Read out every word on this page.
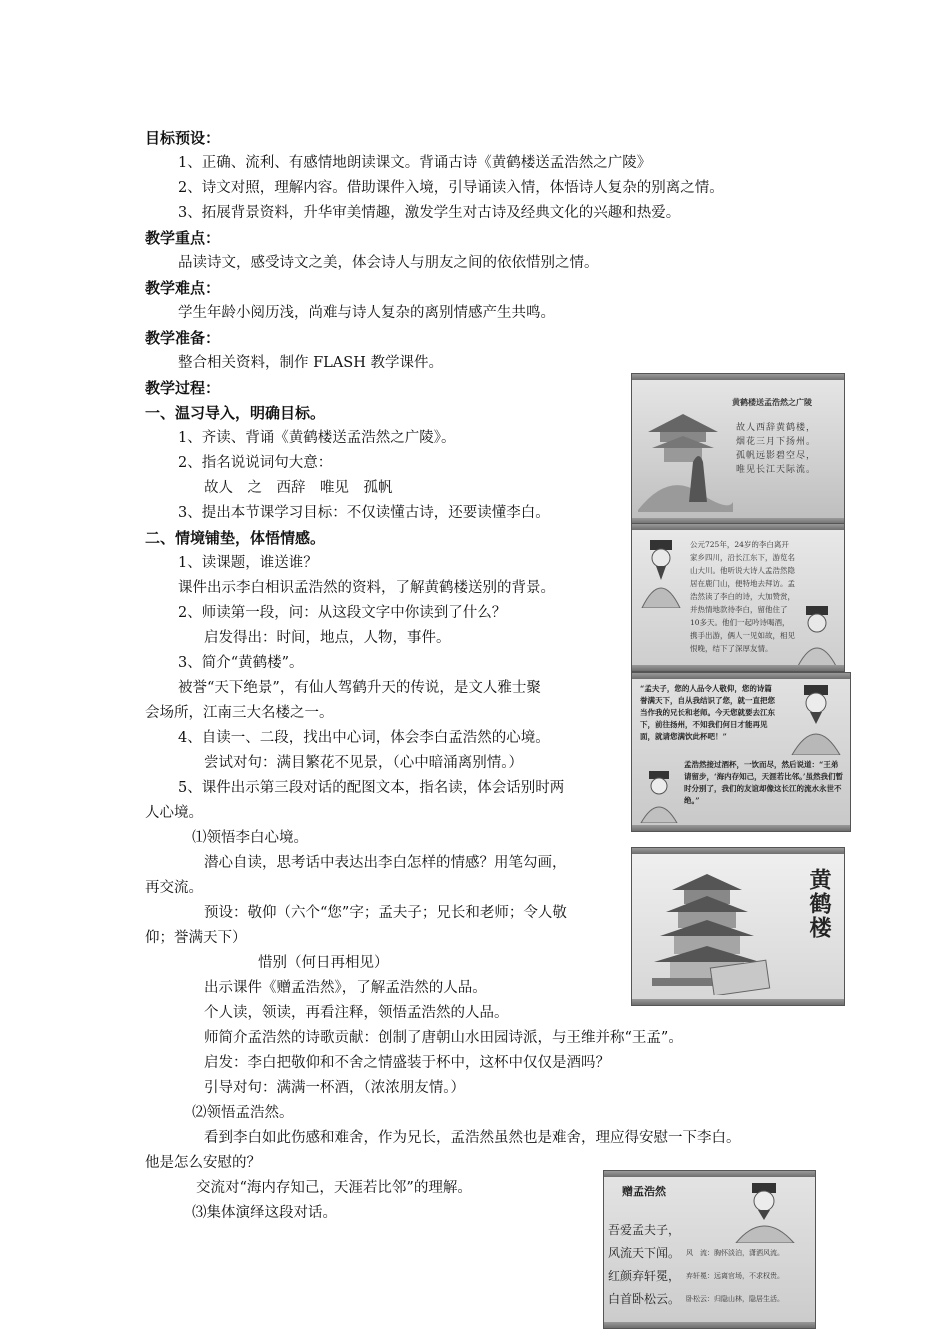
目标预设：
1、正确、流利、有感情地朗读课文。背诵古诗《黄鹤楼送孟浩然之广陵》
2、诗文对照，理解内容。借助课件入境，引导诵读入情，体悟诗人复杂的别离之情。
3、拓展背景资料，升华审美情趣，激发学生对古诗及经典文化的兴趣和热爱。
教学重点：
品读诗文，感受诗文之美，体会诗人与朋友之间的依依惜别之情。
教学难点：
学生年龄小阅历浅，尚难与诗人复杂的离别情感产生共鸣。
教学准备：
整合相关资料，制作 FLASH 教学课件。
教学过程：
一、温习导入，明确目标。
1、齐读、背诵《黄鹤楼送孟浩然之广陵》。
2、指名说说词句大意：
故人　之　西辞　唯见　孤帆
3、提出本节课学习目标：不仅读懂古诗，还要读懂李白。
二、情境铺垫，体悟情感。
1、读课题，谁送谁？
课件出示李白相识孟浩然的资料，了解黄鹤楼送别的背景。
2、师读第一段，问：从这段文字中你读到了什么？
启发得出：时间，地点，人物，事件。
3、简介“黄鹤楼”。
被誉“天下绝景”，有仙人驾鹤升天的传说，是文人雅士聚
会场所，江南三大名楼之一。
4、自读一、二段，找出中心词，体会李白孟浩然的心境。
尝试对句：满目繁花不见景，（心中暗涌离别情。）
5、课件出示第三段对话的配图文本，指名读，体会话别时两
人心境。
⑴领悟李白心境。
潜心自读，思考话中表达出李白怎样的情感？用笔勾画，
再交流。
预设：敬仰（六个“您”字；孟夫子；兄长和老师；令人敬
仰；誉满天下）
惜别（何日再相见）
出示课件《赠孟浩然》，了解孟浩然的人品。
个人读，领读，再看注释，领悟孟浩然的人品。
师简介孟浩然的诗歌贡献：创制了唐朝山水田园诗派，与王维并称“王孟”。
启发：李白把敬仰和不舍之情盛装于杯中，这杯中仅仅是酒吗？
引导对句：满满一杯酒，（浓浓朋友情。）
⑵领悟孟浩然。
看到李白如此伤感和难舍，作为兄长，孟浩然虽然也是难舍，理应得安慰一下李白。
他是怎么安慰的？
交流对“海内存知己，天涯若比邻”的理解。
⑶集体演绎这段对话。
黄鹤楼送孟浩然之广陵
故人西辞黄鹤楼，
烟花三月下扬州。
孤帆远影碧空尽，
唯见长江天际流。
公元725年，24岁的李白离开家乡四川，沿长江东下，游览名山大川。他听说大诗人孟浩然隐居在鹿门山，便特地去拜访。孟浩然读了李白的诗，大加赞赏，并热情地款待李白，留他住了10多天。他们一起吟诗喝酒，携手出游，俩人一见如故，相见恨晚，结下了深厚友情。
“孟夫子，您的人品令人敬仰，您的诗篇誉满天下，自从我结识了您，就一直把您当作我的兄长和老师。今天您就要去江东下，前往扬州，不知我们何日才能再见面，就请您满饮此杯吧！”
孟浩然接过酒杯，一饮而尽，然后说道：“王弟请留步，‘海内存知己，天涯若比邻。’虽然我们暂时分别了，我们的友谊却像这长江的流水永世不绝。”
黄鹤楼
赠孟浩然
吾爱孟夫子，
风流天下闻。
红颜弃轩冕，
白首卧松云。
风　流：胸怀淡泊，潇洒风流。
弃轩冕：远离官场，不求权贵。
卧松云：归隐山林，隐居生活。
